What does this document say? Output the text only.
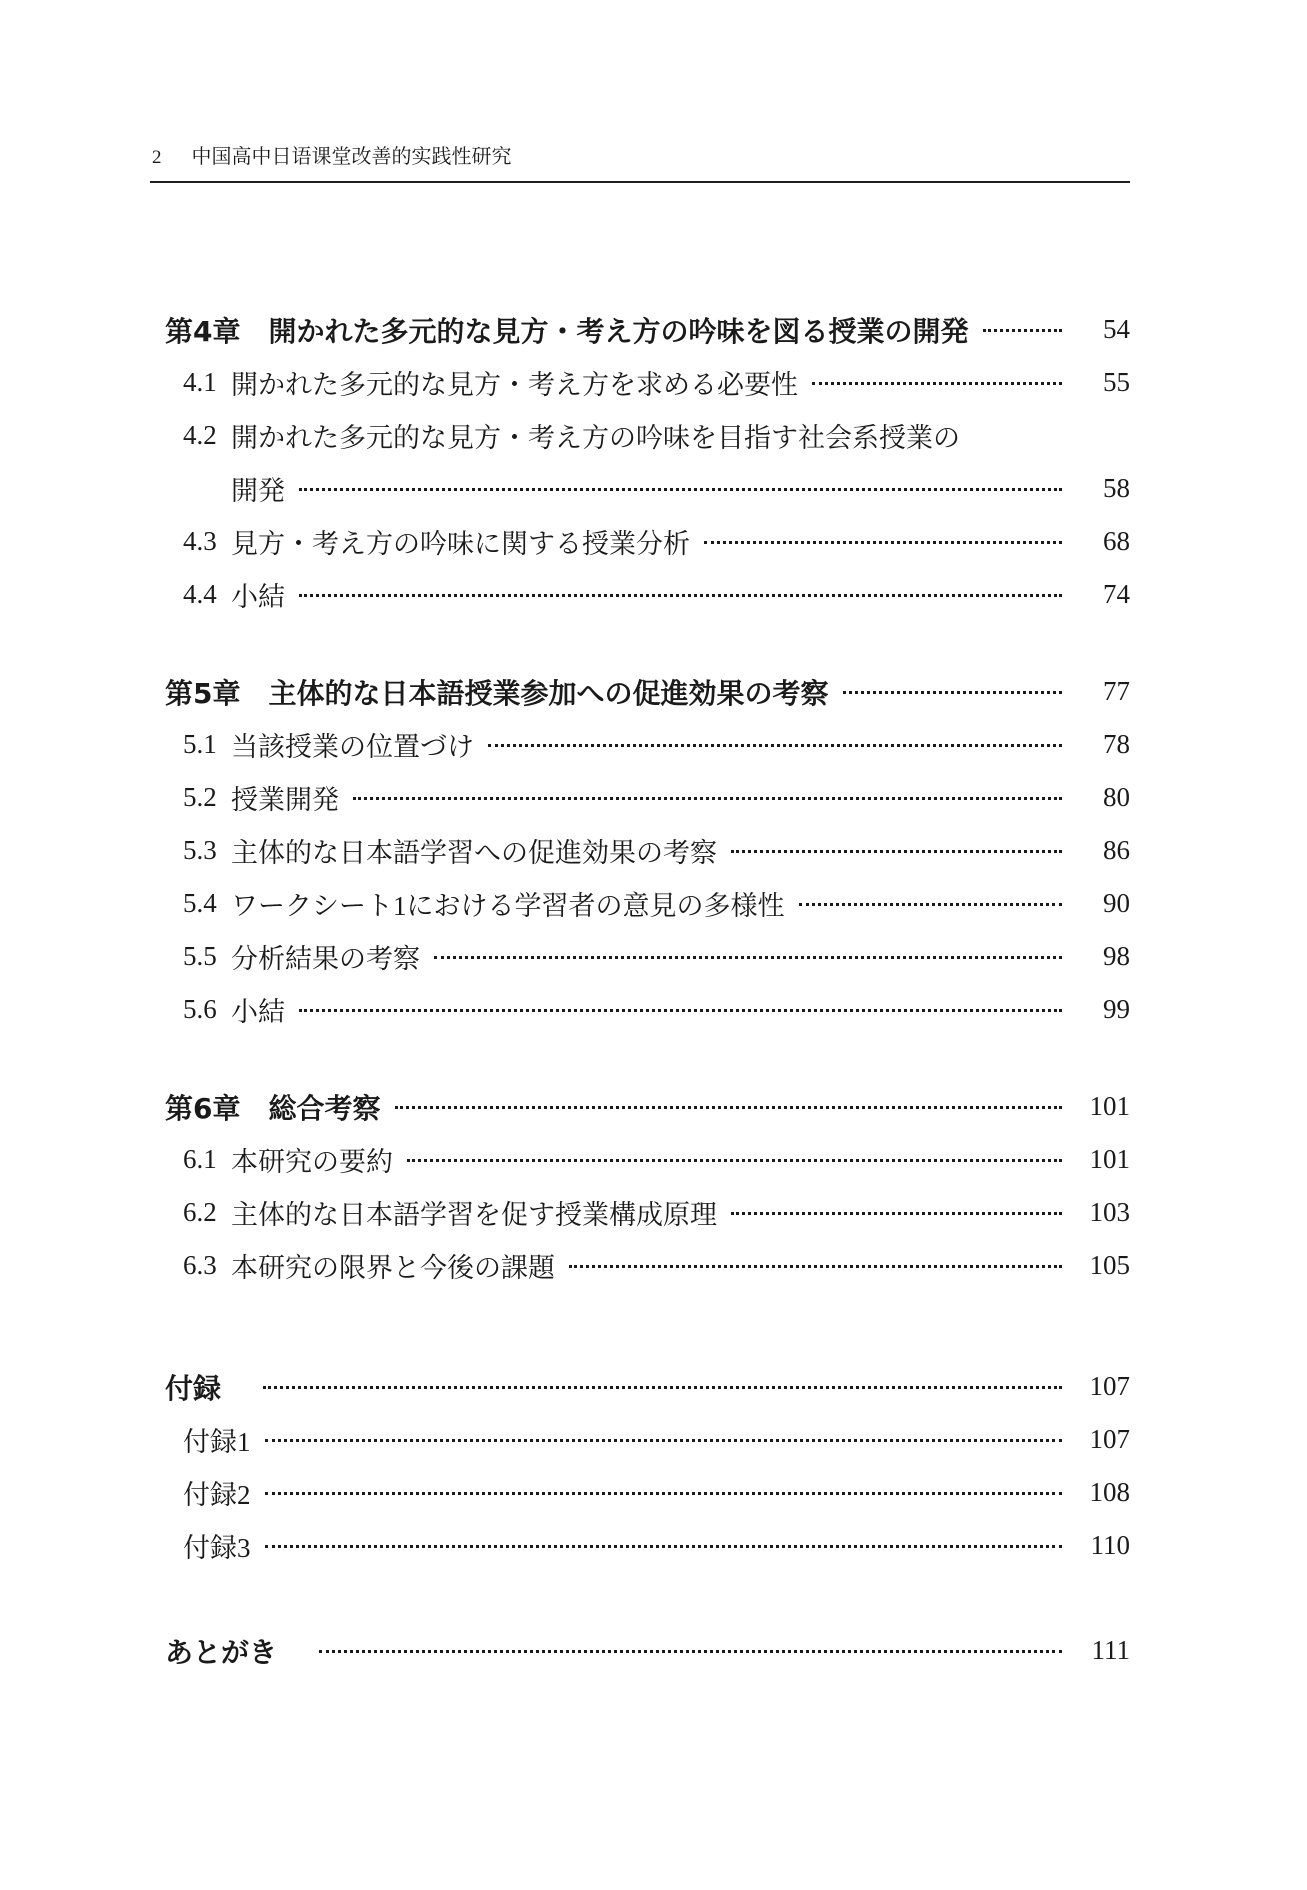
2 中国高中日语课堂改善的实践性研究
第4章 開かれた多元的な見方・考え方の吟味を図る授業の開発	54
4.1 開かれた多元的な見方・考え方を求める必要性	55
4.2 開かれた多元的な見方・考え方の吟味を目指す社会系授業の
開発	58
4.3 見方・考え方の吟味に関する授業分析	68
4.4 小結	74
第5章 主体的な日本語授業参加への促進効果の考察	77
5.1 当該授業の位置づけ	78
5.2 授業開発	80
5.3 主体的な日本語学習への促進効果の考察	86
5.4 ワークシート1における学習者の意見の多様性	90
5.5 分析結果の考察	98
5.6 小結	99
第6章 総合考察	101
6.1 本研究の要約	101
6.2 主体的な日本語学習を促す授業構成原理	103
6.3 本研究の限界と今後の課題	105
付録	107
付録1	107
付録2	108
付録3	110
あとがき	111
